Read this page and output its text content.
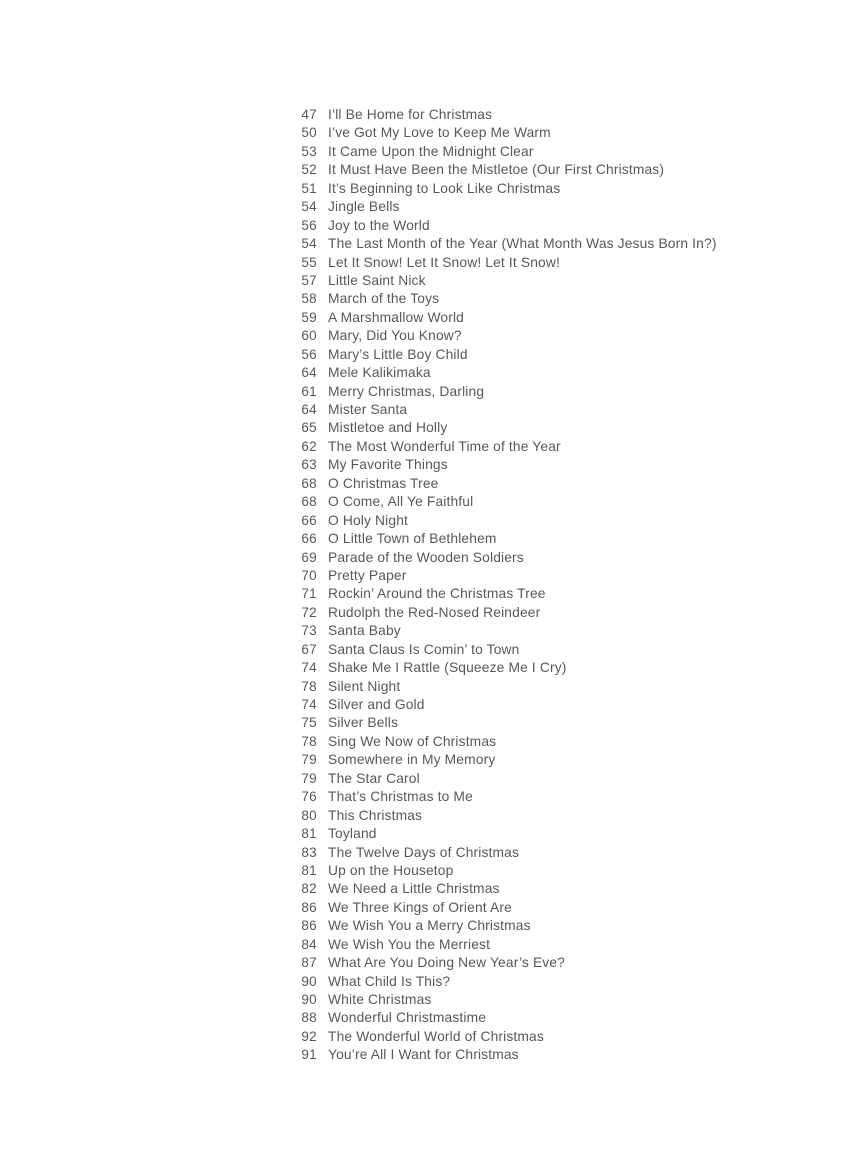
47 I’ll Be Home for Christmas
50 I’ve Got My Love to Keep Me Warm
53 It Came Upon the Midnight Clear
52 It Must Have Been the Mistletoe (Our First Christmas)
51 It’s Beginning to Look Like Christmas
54 Jingle Bells
56 Joy to the World
54 The Last Month of the Year (What Month Was Jesus Born In?)
55 Let It Snow! Let It Snow! Let It Snow!
57 Little Saint Nick
58 March of the Toys
59 A Marshmallow World
60 Mary, Did You Know?
56 Mary’s Little Boy Child
64 Mele Kalikimaka
61 Merry Christmas, Darling
64 Mister Santa
65 Mistletoe and Holly
62 The Most Wonderful Time of the Year
63 My Favorite Things
68 O Christmas Tree
68 O Come, All Ye Faithful
66 O Holy Night
66 O Little Town of Bethlehem
69 Parade of the Wooden Soldiers
70 Pretty Paper
71 Rockin’ Around the Christmas Tree
72 Rudolph the Red-Nosed Reindeer
73 Santa Baby
67 Santa Claus Is Comin’ to Town
74 Shake Me I Rattle (Squeeze Me I Cry)
78 Silent Night
74 Silver and Gold
75 Silver Bells
78 Sing We Now of Christmas
79 Somewhere in My Memory
79 The Star Carol
76 That’s Christmas to Me
80 This Christmas
81 Toyland
83 The Twelve Days of Christmas
81 Up on the Housetop
82 We Need a Little Christmas
86 We Three Kings of Orient Are
86 We Wish You a Merry Christmas
84 We Wish You the Merriest
87 What Are You Doing New Year’s Eve?
90 What Child Is This?
90 White Christmas
88 Wonderful Christmastime
92 The Wonderful World of Christmas
91 You’re All I Want for Christmas
